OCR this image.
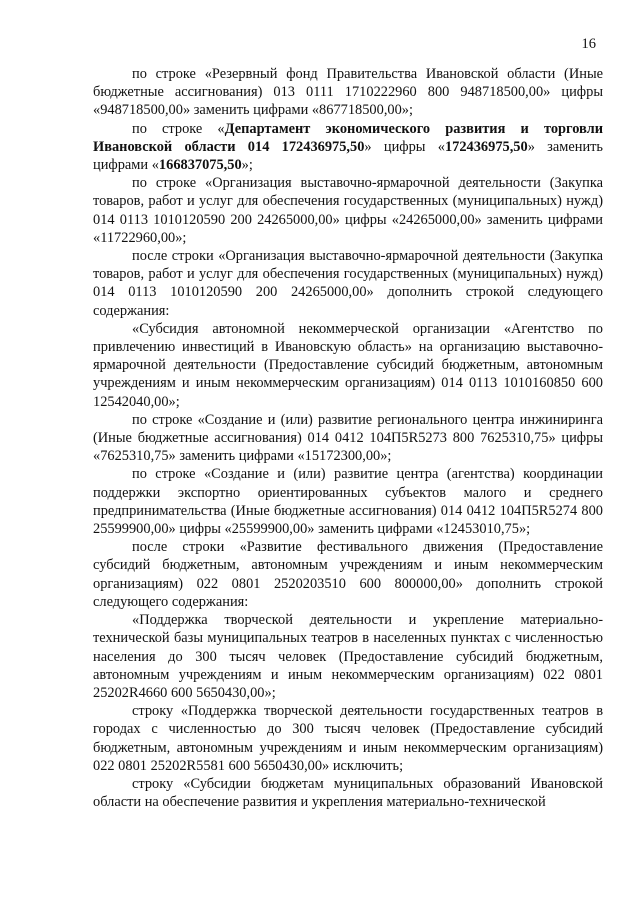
16

по строке «Резервный фонд Правительства Ивановской области (Иные бюджетные ассигнования) 013 0111 1710222960 800 948718500,00» цифры «948718500,00» заменить цифрами «867718500,00»;

по строке «Департамент экономического развития и торговли Ивановской области 014 172436975,50» цифры «172436975,50» заменить цифрами «166837075,50»;

по строке «Организация выставочно-ярмарочной деятельности (Закупка товаров, работ и услуг для обеспечения государственных (муниципальных) нужд) 014 0113 1010120590 200 24265000,00» цифры «24265000,00» заменить цифрами «11722960,00»;

после строки «Организация выставочно-ярмарочной деятельности (Закупка товаров, работ и услуг для обеспечения государственных (муниципальных) нужд) 014 0113 1010120590 200 24265000,00» дополнить строкой следующего содержания:

«Субсидия автономной некоммерческой организации «Агентство по привлечению инвестиций в Ивановскую область» на организацию выставочно-ярмарочной деятельности (Предоставление субсидий бюджетным, автономным учреждениям и иным некоммерческим организациям) 014 0113 1010160850 600 12542040,00»;

по строке «Создание и (или) развитие регионального центра инжиниринга (Иные бюджетные ассигнования) 014 0412 104П5R5273 800 7625310,75» цифры «7625310,75» заменить цифрами «15172300,00»;

по строке «Создание и (или) развитие центра (агентства) координации поддержки экспортно ориентированных субъектов малого и среднего предпринимательства (Иные бюджетные ассигнования) 014 0412 104П5R5274 800 25599900,00» цифры «25599900,00» заменить цифрами «12453010,75»;

после строки «Развитие фестивального движения (Предоставление субсидий бюджетным, автономным учреждениям и иным некоммерческим организациям) 022 0801 2520203510 600 800000,00» дополнить строкой следующего содержания:

«Поддержка творческой деятельности и укрепление материально-технической базы муниципальных театров в населенных пунктах с численностью населения до 300 тысяч человек (Предоставление субсидий бюджетным, автономным учреждениям и иным некоммерческим организациям) 022 0801 25202R4660 600 5650430,00»;

строку «Поддержка творческой деятельности государственных театров в городах с численностью до 300 тысяч человек (Предоставление субсидий бюджетным, автономным учреждениям и иным некоммерческим организациям) 022 0801 25202R5581 600 5650430,00» исключить;

строку «Субсидии бюджетам муниципальных образований Ивановской области на обеспечение развития и укрепления материально-технической
